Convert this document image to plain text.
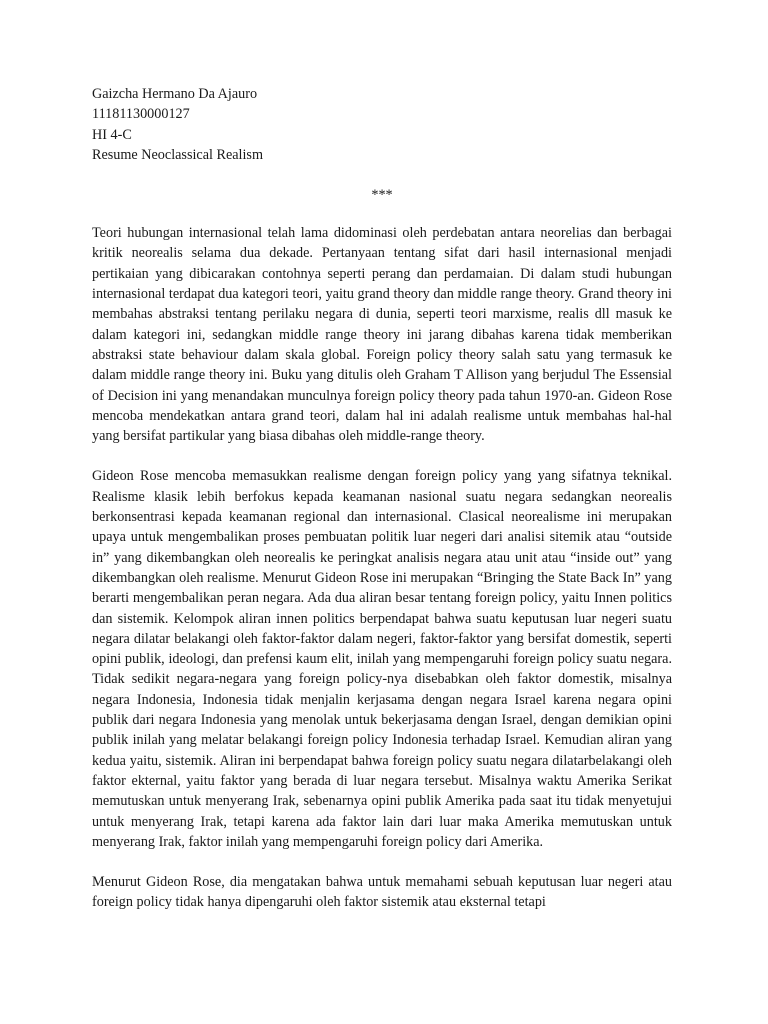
Gaizcha Hermano Da Ajauro
11181130000127
HI 4-C
Resume Neoclassical Realism
***

Teori hubungan internasional telah lama didominasi oleh perdebatan antara neorelias dan berbagai kritik neorealis selama dua dekade. Pertanyaan tentang sifat dari hasil internasional menjadi pertikaian yang dibicarakan contohnya seperti perang dan perdamaian. Di dalam studi hubungan internasional terdapat dua kategori teori, yaitu grand theory dan middle range theory. Grand theory ini membahas abstraksi tentang perilaku negara di dunia, seperti teori marxisme, realis dll masuk ke dalam kategori ini, sedangkan middle range theory ini jarang dibahas karena tidak memberikan abstraksi state behaviour dalam skala global. Foreign policy theory salah satu yang termasuk ke dalam middle range theory ini. Buku yang ditulis oleh Graham T Allison yang berjudul The Essensial of Decision ini yang menandakan munculnya foreign policy theory pada tahun 1970-an. Gideon Rose mencoba mendekatkan antara grand teori, dalam hal ini adalah realisme untuk membahas hal-hal yang bersifat partikular yang biasa dibahas oleh middle-range theory.

Gideon Rose mencoba memasukkan realisme dengan foreign policy yang yang sifatnya teknikal. Realisme klasik lebih berfokus kepada keamanan nasional suatu negara sedangkan neorealis berkonsentrasi kepada keamanan regional dan internasional. Clasical neorealisme ini merupakan upaya untuk mengembalikan proses pembuatan politik luar negeri dari analisi sitemik atau “outside in” yang dikembangkan oleh neorealis ke peringkat analisis negara atau unit atau “inside out” yang dikembangkan oleh realisme. Menurut Gideon Rose ini merupakan “Bringing the State Back In” yang berarti mengembalikan peran negara. Ada dua aliran besar tentang foreign policy, yaitu Innen politics dan sistemik. Kelompok aliran innen politics berpendapat bahwa suatu keputusan luar negeri suatu negara dilatar belakangi oleh faktor-faktor dalam negeri, faktor-faktor yang bersifat domestik, seperti opini publik, ideologi, dan prefensi kaum elit, inilah yang mempengaruhi foreign policy suatu negara. Tidak sedikit negara-negara yang foreign policy-nya disebabkan oleh faktor domestik, misalnya negara Indonesia, Indonesia tidak menjalin kerjasama dengan negara Israel karena negara opini publik dari negara Indonesia yang menolak untuk bekerjasama dengan Israel, dengan demikian opini publik inilah yang melatar belakangi foreign policy Indonesia terhadap Israel. Kemudian aliran yang kedua yaitu, sistemik. Aliran ini berpendapat bahwa foreign policy suatu negara dilatarbelakangi oleh faktor ekternal, yaitu faktor yang berada di luar negara tersebut. Misalnya waktu Amerika Serikat memutuskan untuk menyerang Irak, sebenarnya opini publik Amerika pada saat itu tidak menyetujui untuk menyerang Irak, tetapi karena ada faktor lain dari luar maka Amerika memutuskan untuk menyerang Irak, faktor inilah yang mempengaruhi foreign policy dari Amerika.

Menurut Gideon Rose, dia mengatakan bahwa untuk memahami sebuah keputusan luar negeri atau foreign policy tidak hanya dipengaruhi oleh faktor sistemik atau eksternal tetapi
